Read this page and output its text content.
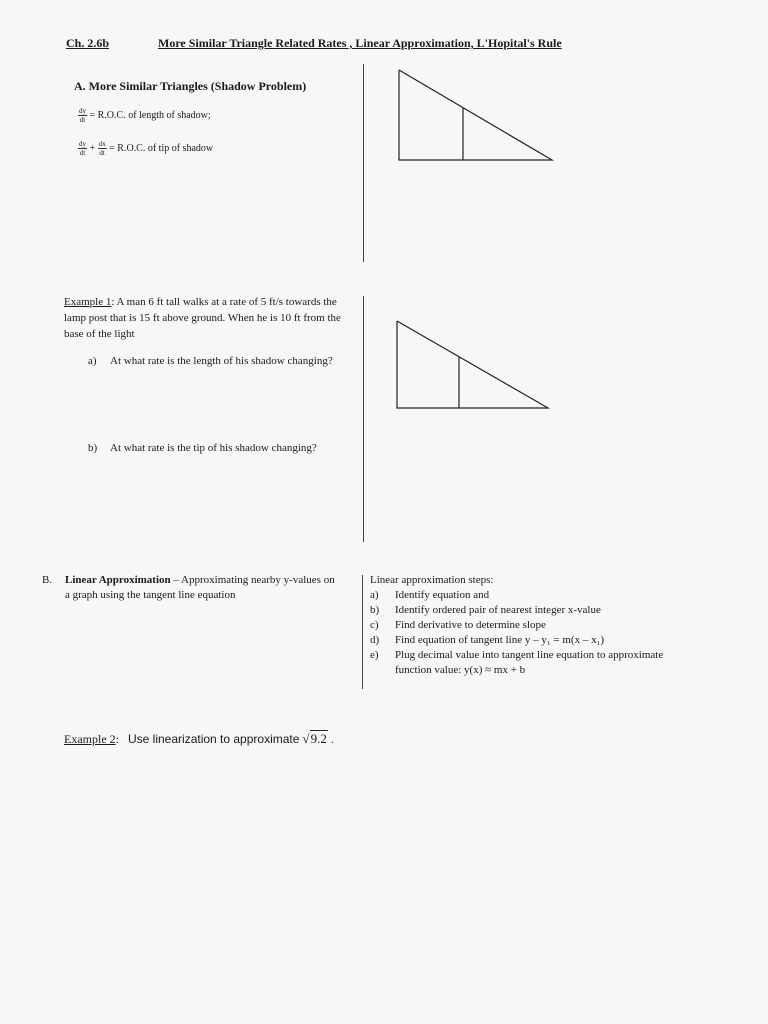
Ch. 2.6b	More Similar Triangle Related Rates , Linear Approximation, L'Hopital's Rule
A. More Similar Triangles (Shadow Problem)
$\frac{dy}{dt} = R.O.C$. of length of shadow;
$\frac{dy}{dt} + \frac{dx}{dt} = R.O.C$. of tip of shadow
Example 1: A man 6 ft tall walks at a rate of 5 ft/s towards the lamp post that is 15 ft above ground. When he is 10 ft from the base of the light
a) At what rate is the length of his shadow changing?
b) At what rate is the tip of his shadow changing?
B. Linear Approximation – Approximating nearby y-values on a graph using the tangent line equation
Linear approximation steps:
a) Identify equation and
b) Identify ordered pair of nearest integer x-value
c) Find derivative to determine slope
d) Find equation of tangent line y – y₁ = m(x – x₁)
e) Plug decimal value into tangent line equation to approximate function value: y(x) ≈ mx + b
Example 2: Use linearization to approximate √9.2 .
